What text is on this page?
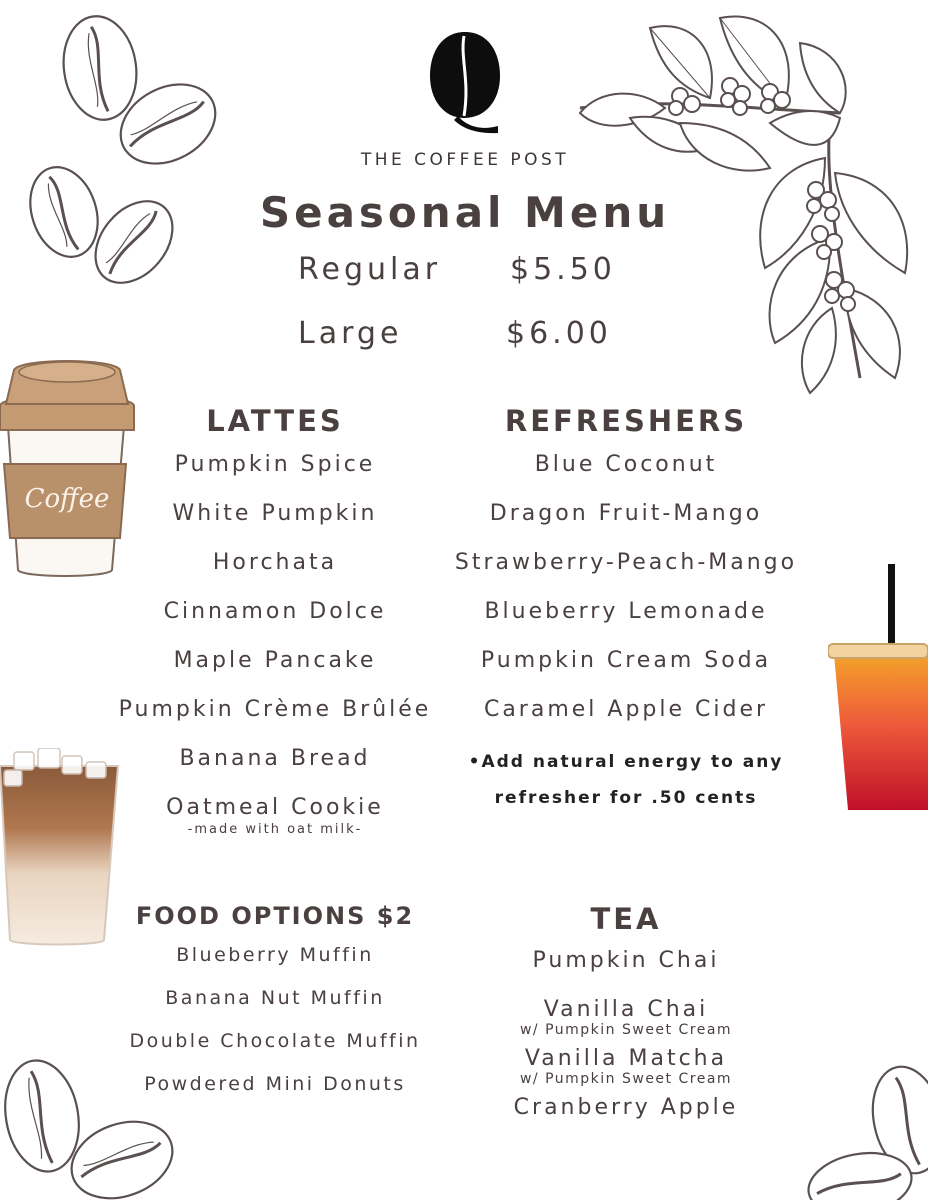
Coffee
THE COFFEE POST
Seasonal Menu
Regular $5.50
Large	$6.00
LATTES
Pumpkin Spice
White Pumpkin
Horchata
Cinnamon Dolce
Maple Pancake
Pumpkin Crème Brûlée
Banana Bread
Oatmeal Cookie
-made with oat milk-
REFRESHERS
Blue Coconut
Dragon Fruit-Mango
Strawberry-Peach-Mango
Blueberry Lemonade
Pumpkin Cream Soda
Caramel Apple Cider
•Add natural energy to any
refresher for .50 cents
FOOD OPTIONS $2
Blueberry Muffin
Banana Nut Muffin
Double Chocolate Muffin
Powdered Mini Donuts
TEA
Pumpkin Chai
Vanilla Chai
w/ Pumpkin Sweet Cream
Vanilla Matcha
w/ Pumpkin Sweet Cream
Cranberry Apple
